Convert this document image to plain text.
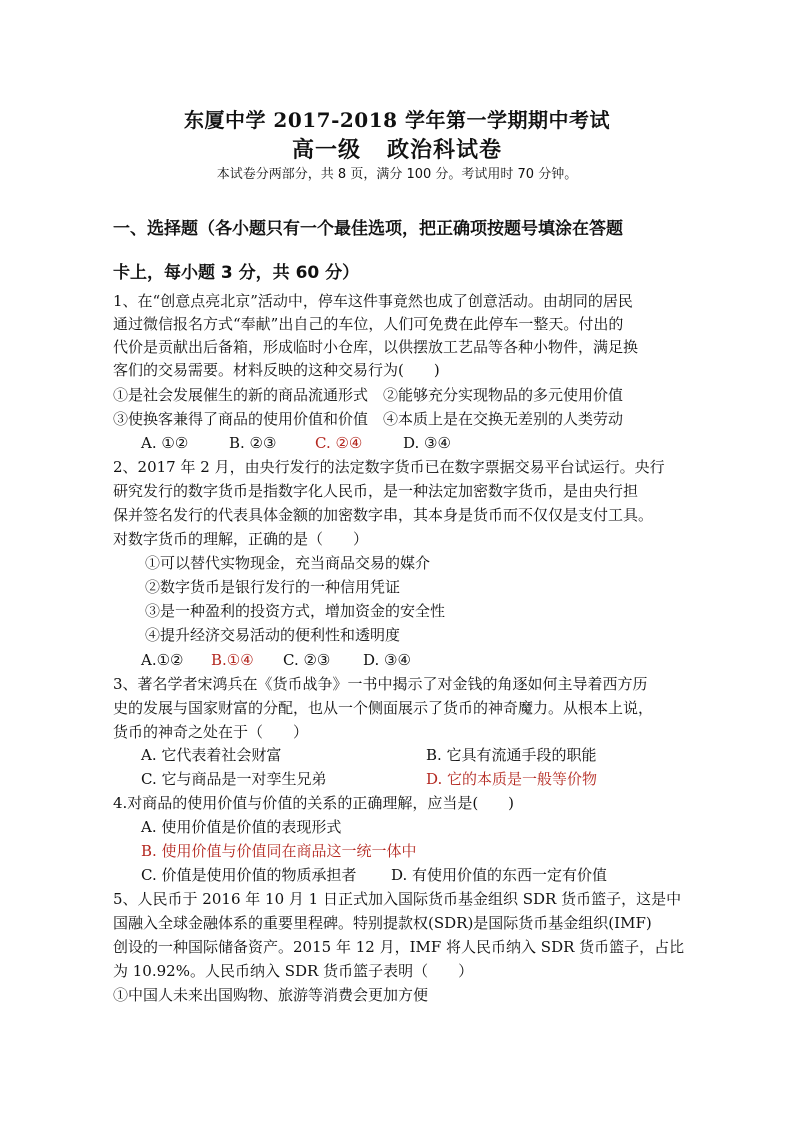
东厦中学 2017-2018 学年第一学期期中考试
高一级 政治科试卷
本试卷分两部分，共 8 页，满分 100 分。考试用时 70 分钟。
一、选择题（各小题只有一个最佳选项，把正确项按题号填涂在答题
卡上，每小题 3 分，共 60 分）
1、在“创意点亮北京”活动中，停车这件事竟然也成了创意活动。由胡同的居民
通过微信报名方式“奉献”出自己的车位，人们可免费在此停车一整天。付出的
代价是贡献出后备箱，形成临时小仓库，以供摆放工艺品等各种小物件，满足换
客们的交易需要。材料反映的这种交易行为(　　)
①是社会发展催生的新的商品流通形式　②能够充分实现物品的多元使用价值
③使换客兼得了商品的使用价值和价值　④本质上是在交换无差别的人类劳动
A. ①②	B. ②③	C. ②④	D. ③④
2、2017 年 2 月，由央行发行的法定数字货币已在数字票据交易平台试运行。央行
研究发行的数字货币是指数字化人民币，是一种法定加密数字货币，是由央行担
保并签名发行的代表具体金额的加密数字串，其本身是货币而不仅仅是支付工具。
对数字货币的理解，正确的是（　　）
①可以替代实物现金，充当商品交易的媒介
②数字货币是银行发行的一种信用凭证
③是一种盈利的投资方式，增加资金的安全性
④提升经济交易活动的便利性和透明度
A.①② B.①④ C. ②③ D. ③④
3、著名学者宋鸿兵在《货币战争》一书中揭示了对金钱的角逐如何主导着西方历
史的发展与国家财富的分配，也从一个侧面展示了货币的神奇魔力。从根本上说，
货币的神奇之处在于（　　）
A. 它代表着社会财富	B. 它具有流通手段的职能
C. 它与商品是一对孪生兄弟	D. 它的本质是一般等价物
4.对商品的使用价值与价值的关系的正确理解，应当是(　　)
A. 使用价值是价值的表现形式
B. 使用价值与价值同在商品这一统一体中
C. 价值是使用价值的物质承担者 D. 有使用价值的东西一定有价值
5、人民币于 2016 年 10 月 1 日正式加入国际货币基金组织 SDR 货币篮子，这是中
国融入全球金融体系的重要里程碑。特别提款权(SDR)是国际货币基金组织(IMF)
创设的一种国际储备资产。2015 年 12 月，IMF 将人民币纳入 SDR 货币篮子，占比
为 10.92%。人民币纳入 SDR 货币篮子表明（　　）
①中国人未来出国购物、旅游等消费会更加方便
